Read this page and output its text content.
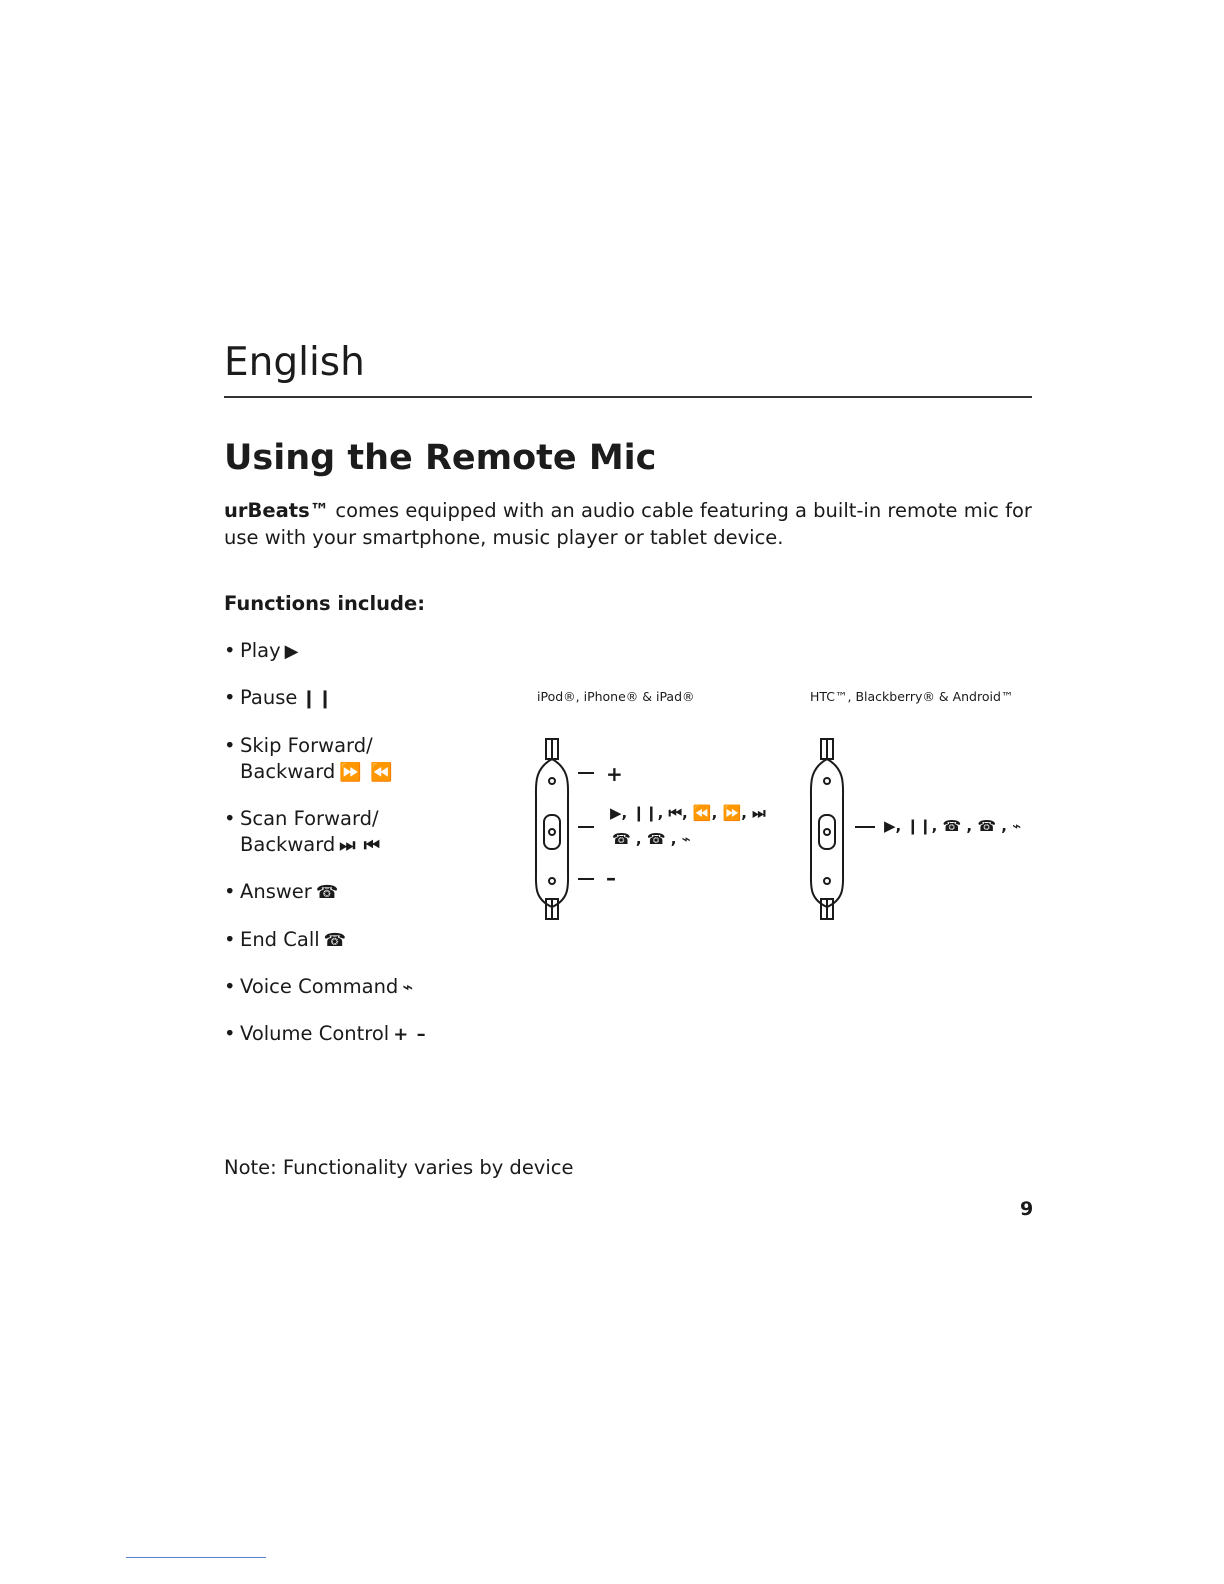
English
Using the Remote Mic

urBeats™ comes equipped with an audio cable featuring a built-in remote mic for use with your smartphone, music player or tablet device.

Functions include:

• Play ▶
• Pause ❙❙
• Skip Forward/
Backward ⏩ ⏪
• Scan Forward/
Backward ⏭ ⏮
• Answer ☎
• End Call ☎
• Voice Command ⌁
• Volume Control + –
iPod®, iPhone® & iPad®	HTC™, Blackberry® & Android™
+
–
▶, ❙❙, ⏮, ⏪, ⏩, ⏭
☎ , ☎ , ⌁
▶, ❙❙, ☎ , ☎ , ⌁

Note: Functionality varies by device

9
